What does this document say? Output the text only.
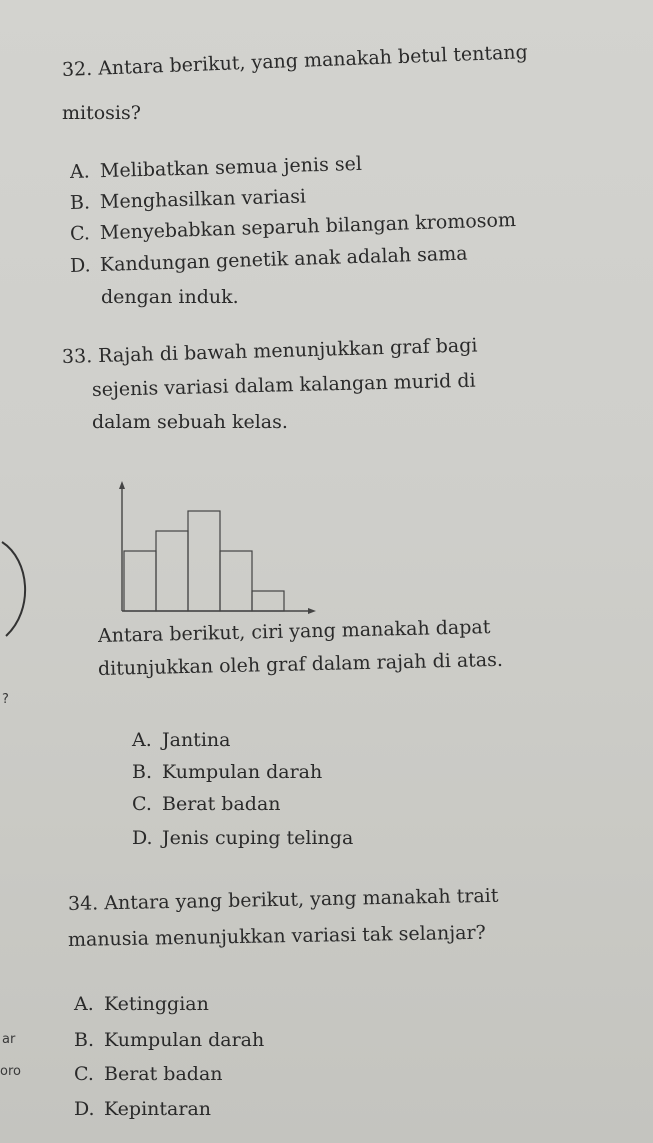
32. Antara berikut, yang manakah betul tentang
mitosis?
A. Melibatkan semua jenis sel
B. Menghasilkan variasi
C. Menyebabkan separuh bilangan kromosom
D. Kandungan genetik anak adalah sama
dengan induk.
33. Rajah di bawah menunjukkan graf bagi
sejenis variasi dalam kalangan murid di
dalam sebuah kelas.
Antara berikut, ciri yang manakah dapat
ditunjukkan oleh graf dalam rajah di atas.
?
A. Jantina
B. Kumpulan darah
C. Berat badan
D. Jenis cuping telinga
34. Antara yang berikut, yang manakah trait
manusia menunjukkan variasi tak selanjar?
A. Ketinggian
ar	B. Kumpulan darah
oro	C. Berat badan
D. Kepintaran
